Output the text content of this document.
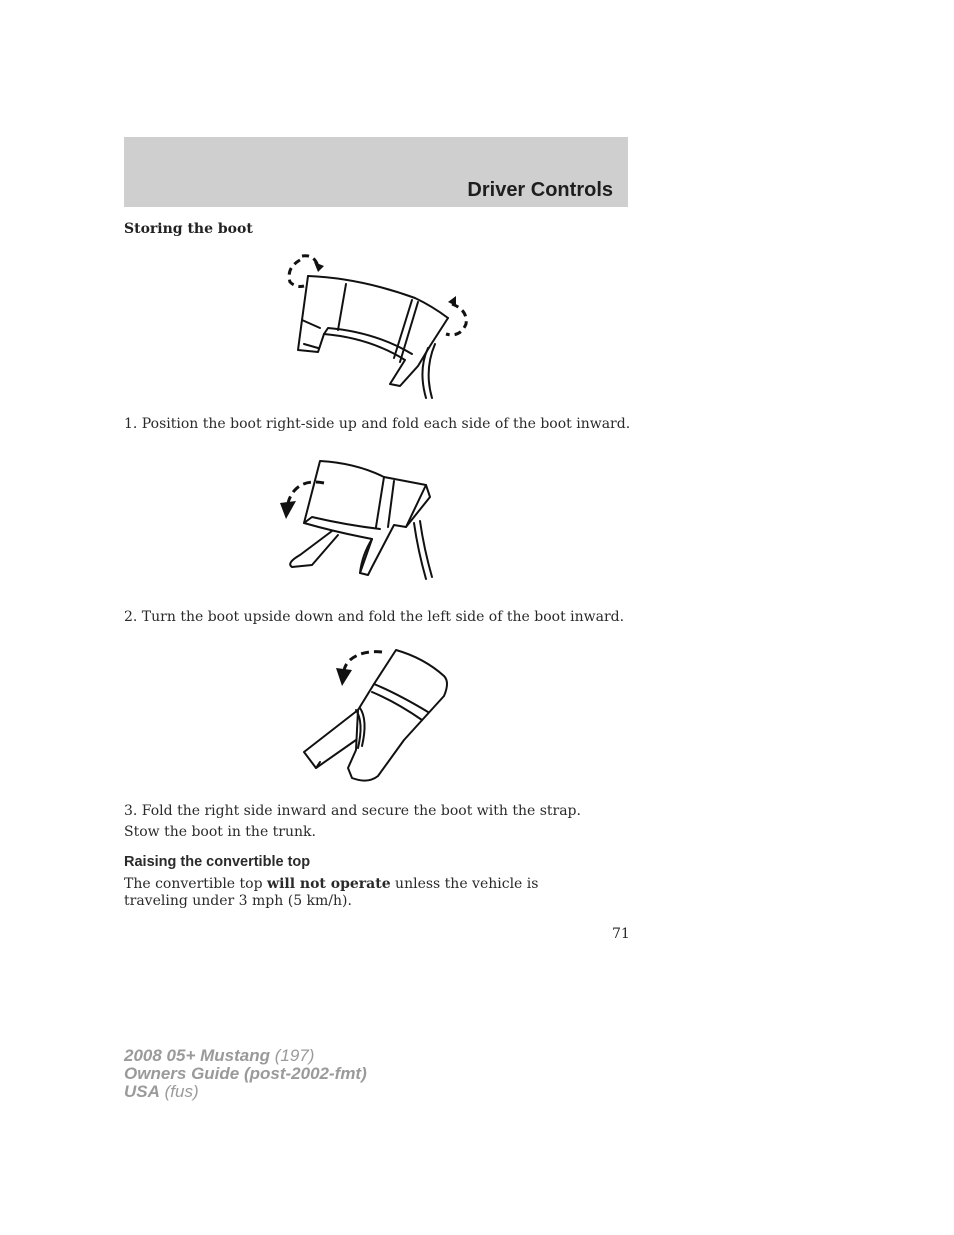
Driver Controls
Storing the boot
1. Position the boot right-side up and fold each side of the boot inward.
2. Turn the boot upside down and fold the left side of the boot inward.
3. Fold the right side inward and secure the boot with the strap.
Stow the boot in the trunk.
Raising the convertible top
The convertible top will not operate unless the vehicle is traveling under 3 mph (5 km/h).
71
2008 05+ Mustang (197)
Owners Guide (post-2002-fmt)
USA (fus)
